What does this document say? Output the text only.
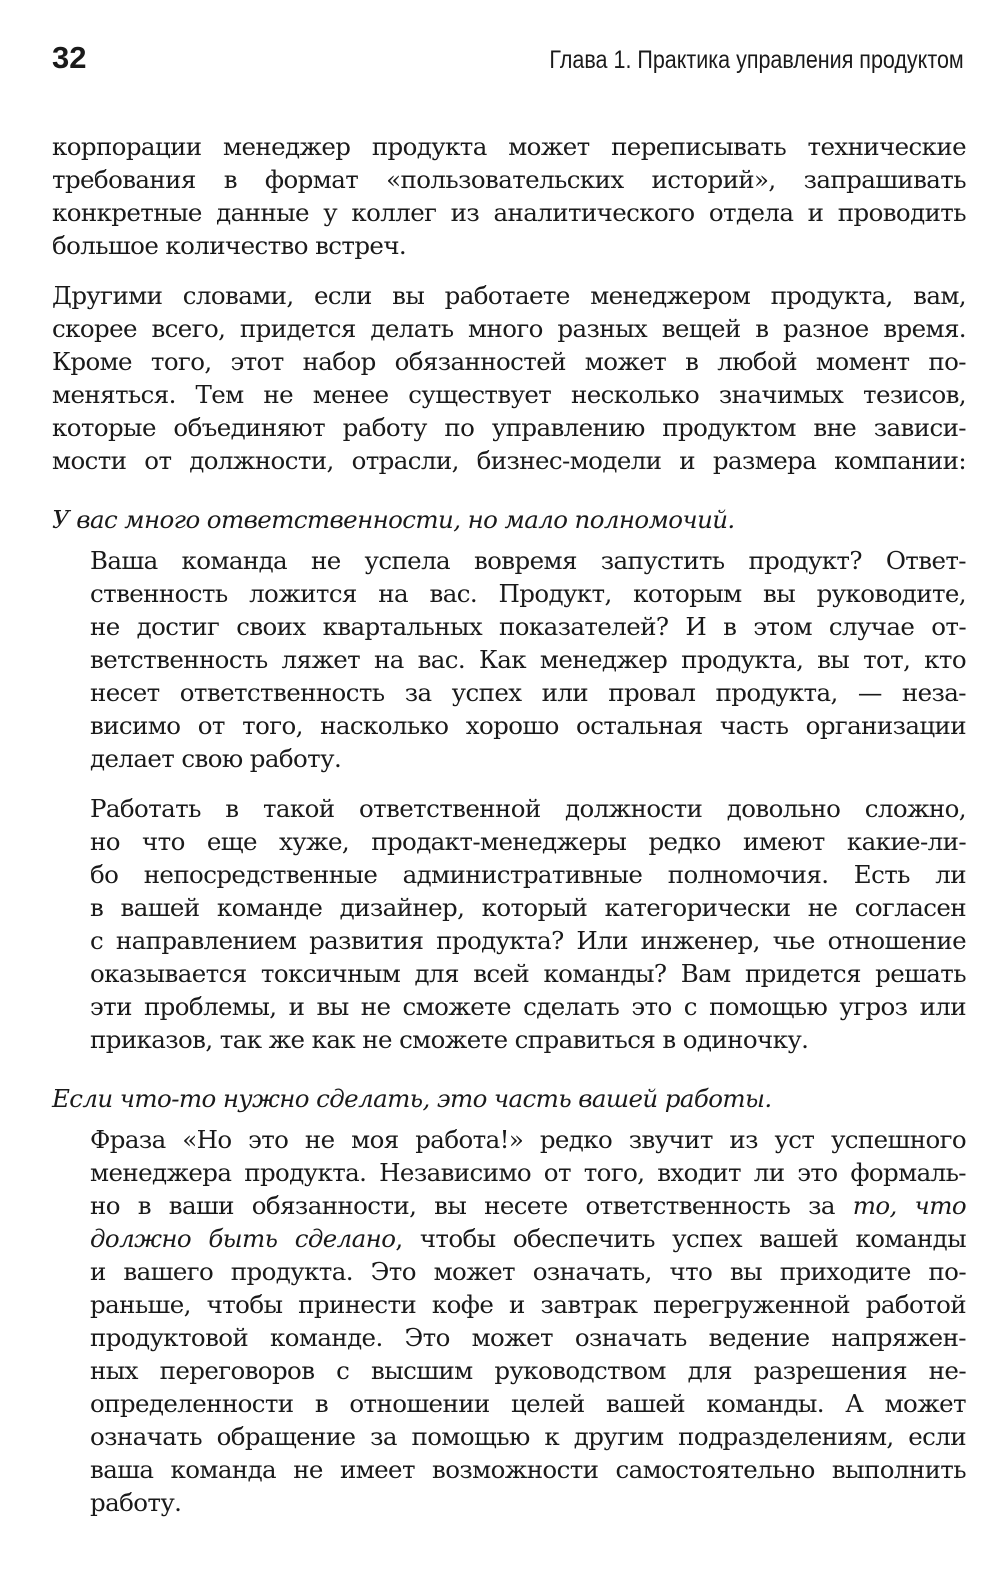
32	Глава 1. Практика управления продуктом

корпорации менеджер продукта может переписывать технические
требования в формат «пользовательских историй», запрашивать
конкретные данные у коллег из аналитического отдела и проводить
большое количество встреч.

Другими словами, если вы работаете менеджером продукта, вам,
скорее всего, придется делать много разных вещей в разное время.
Кроме того, этот набор обязанностей может в любой момент по-
меняться. Тем не менее существует несколько значимых тезисов,
которые объединяют работу по управлению продуктом вне зависи-
мости от должности, отрасли, бизнес-модели и размера компании:

У вас много ответственности, но мало полномочий.

Ваша команда не успела вовремя запустить продукт? Ответ-
ственность ложится на вас. Продукт, которым вы руководите,
не достиг своих квартальных показателей? И в этом случае от-
ветственность ляжет на вас. Как менеджер продукта, вы тот, кто
несет ответственность за успех или провал продукта, — неза-
висимо от того, насколько хорошо остальная часть организации
делает свою работу.

Работать в такой ответственной должности довольно сложно,
но что еще хуже, продакт-менеджеры редко имеют какие-ли-
бо непосредственные административные полномочия. Есть ли
в вашей команде дизайнер, который категорически не согласен
с направлением развития продукта? Или инженер, чье отношение
оказывается токсичным для всей команды? Вам придется решать
эти проблемы, и вы не сможете сделать это с помощью угроз или
приказов, так же как не сможете справиться в одиночку.

Если что-то нужно сделать, это часть вашей работы.

Фраза «Но это не моя работа!» редко звучит из уст успешного
менеджера продукта. Независимо от того, входит ли это формаль-
но в ваши обязанности, вы несете ответственность за то, что
должно быть сделано, чтобы обеспечить успех вашей команды
и вашего продукта. Это может означать, что вы приходите по-
раньше, чтобы принести кофе и завтрак перегруженной работой
продуктовой команде. Это может означать ведение напряжен-
ных переговоров с высшим руководством для разрешения не-
определенности в отношении целей вашей команды. А может
означать обращение за помощью к другим подразделениям, если
ваша команда не имеет возможности самостоятельно выполнить
работу.
